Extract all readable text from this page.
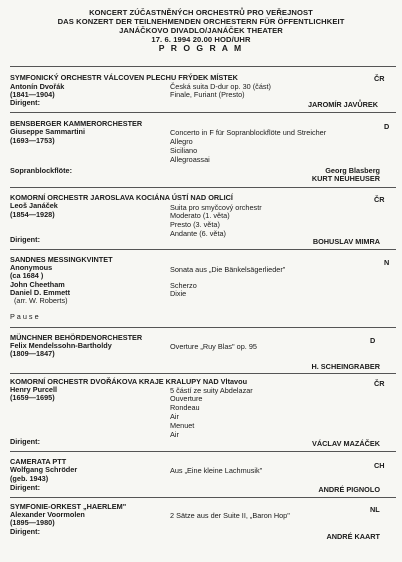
KONCERT ZÚČASTNĚNÝCH ORCHESTRŮ PRO VEŘEJNOST
DAS KONZERT DER TEILNEHMENDEN ORCHESTERN FÜR ÖFFENTLICHKEIT
JANÁČKOVO DIVADLO/JANÁČEK THEATER
17. 6. 1994 20.00 HOD/UHR
P R O G R A M
SYMFONICKÝ ORCHESTR VÁLCOVEN PLECHU FRÝDEK MÍSTEK	ČR
Antonín Dvořák
(1841—1904)
Česká suita D-dur op. 30 (část)
Finale, Furiant (Presto)
Dirigent:	JAROMÍR JAVŮREK
BENSBERGER KAMMERORCHESTER	D
Giuseppe Sammartini
(1693—1753)
Concerto in F für Sopranblockflöte und Streicher
Allegro
Siciliano
Allegroassai
Sopranblockflöte:	Georg Blasberg
KURT NEUHEUSER
KOMORNÍ ORCHESTR JAROSLAVA KOCIÁNA ÚSTÍ NAD ORLICÍ	ČR
Leoš Janáček
(1854—1928)
Suita pro smyčcový orchestr
Moderato (1. věta)
Presto (3. věta)
Andante (6. věta)
Dirigent:	BOHUSLAV MIMRA
SANDNES MESSINGKVINTET	N
Anonymous
(ca 1684 )
Sonata aus „Die Bänkelsägerlieder"
John Cheetham	Scherzo
Daniel D. Emmett	Dixie
(arr. W. Roberts)
P a u s e
MÜNCHNER BEHÖRDENORCHESTER	D
Felix Mendelssohn-Bartholdy
(1809—1847)
Overture „Ruy Blas" op. 95
H. SCHEINGRABER
KOMORNÍ ORCHESTR DVOŘÁKOVA KRAJE KRALUPY NAD Vltavou	ČR
Henry Purcell
(1659—1695)
5 částí ze suity Abdelazar
Ouverture
Rondeau
Air
Menuet
Air
Dirigent:	VÁCLAV MAZÁČEK
CAMERATA PTT	CH
Wolfgang Schröder
(geb. 1943)
Aus „Eine kleine Lachmusik"
Dirigent:	ANDRÉ PIGNOLO
SYMFONIE-ORKEST „HAERLEM"	NL
Alexander Voormolen
(1895—1980)
2 Sätze aus der Suite II, „Baron Hop"
Dirigent:
ANDRÉ KAART
